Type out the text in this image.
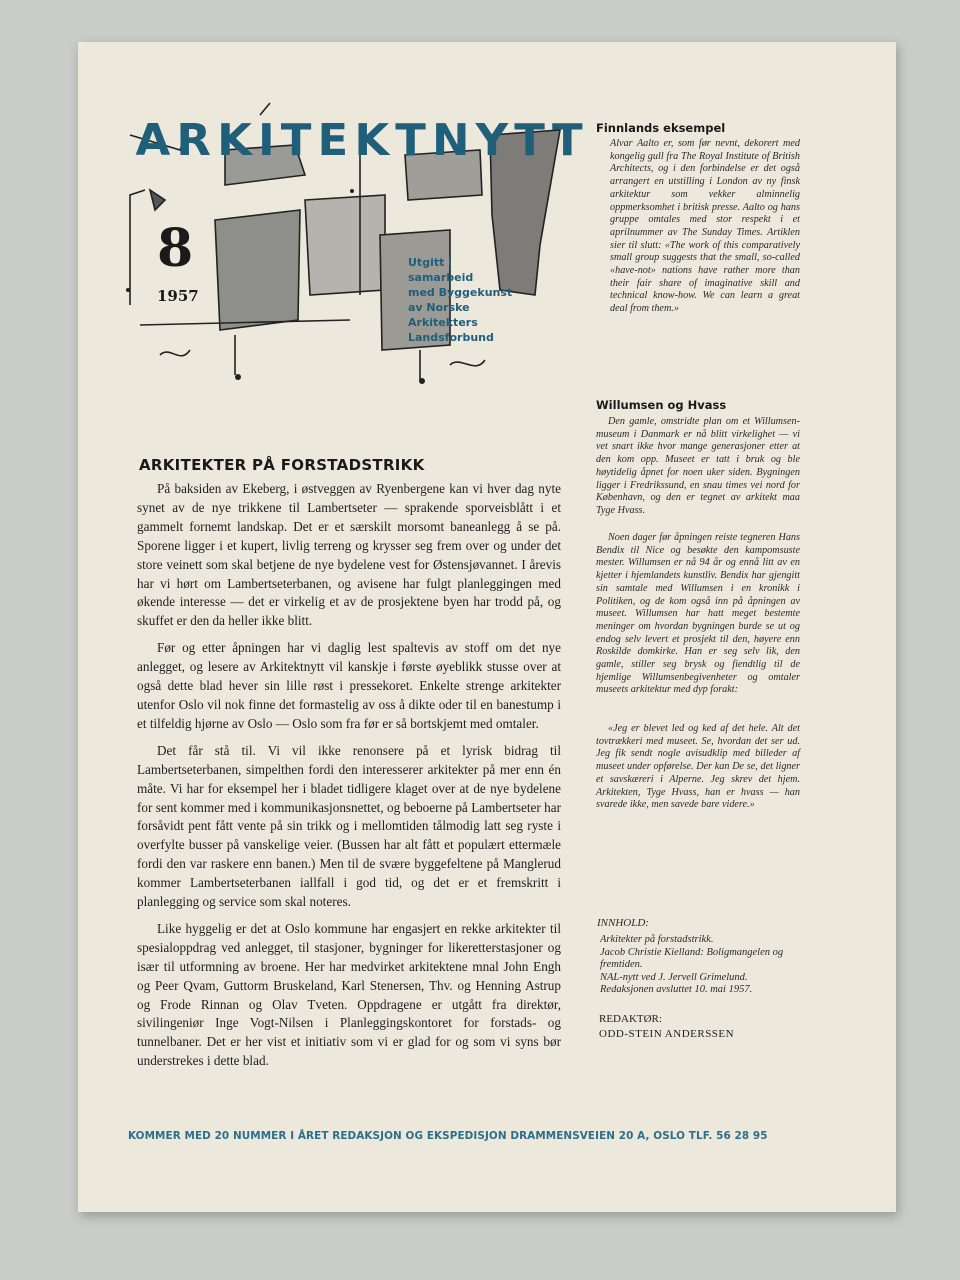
ARKITEKTNYTT
8
1957
Utgitt i
samarbeid
med Byggekunst
av Norske
Arkitekters
Landsforbund
Finnlands eksempel
Alvar Aalto er, som før nevnt, dekorert med kongelig gull fra The Royal Institute of British Architects, og i den forbindelse er det også arrangert en utstilling i London av ny finsk arkitektur som vekker alminnelig oppmerksomhet i britisk presse. Aalto og hans gruppe omtales med stor respekt i et aprilnummer av The Sunday Times. Artiklen sier til slutt: «The work of this comparatively small group suggests that the small, so-called «have-not» nations have rather more than their fair share of imaginative skill and technical know-how. We can learn a great deal from them.»
Willumsen og Hvass
Den gamle, omstridte plan om et Willumsen-museum i Danmark er nå blitt virkelighet — vi vet snart ikke hvor mange generasjoner etter at den kom opp. Museet er tatt i bruk og ble høytidelig åpnet for noen uker siden. Bygningen ligger i Fredrikssund, en snau times vei nord for København, og den er tegnet av arkitekt maa Tyge Hvass.
Noen dager før åpningen reiste tegneren Hans Bendix til Nice og besøkte den kampomsuste mester. Willumsen er nå 94 år og ennå litt av en kjetter i hjemlandets kunstliv. Bendix har gjengitt sin samtale med Willumsen i en kronikk i Politiken, og de kom også inn på åpningen av museet. Willumsen har hatt meget bestemte meninger om hvordan bygningen burde se ut og endog selv levert et prosjekt til den, høyere enn Roskilde domkirke. Han er seg selv lik, den gamle, stiller seg brysk og fiendtlig til de hjemlige Willumsenbegivenheter og omtaler museets arkitektur med dyp forakt:
«Jeg er blevet led og ked af det hele. Alt det tovtrækkeri med museet. Se, hvordan det ser ud. Jeg fik sendt nogle avisudklip med billeder af museet under opførelse. Der kan De se, det ligner et savskæreri i Alperne. Jeg skrev det hjem. Arkitekten, Tyge Hvass, han er hvass — han svarede ikke, men savede bare videre.»
ARKITEKTER PÅ FORSTADSTRIKK

På baksiden av Ekeberg, i østveggen av Ryenbergene kan vi hver dag nyte synet av de nye trikkene til Lambertseter — sprakende sporveisblått i et gammelt fornemt landskap. Det er et særskilt morsomt baneanlegg å se på. Sporene ligger i et kupert, livlig terreng og krysser seg frem over og under det store veinett som skal betjene de nye bydelene vest for Østensjøvannet. I årevis har vi hørt om Lambertseterbanen, og avisene har fulgt planleggingen med økende interesse — det er virkelig et av de prosjektene byen har trodd på, og skuffet er den da heller ikke blitt.

Før og etter åpningen har vi daglig lest spaltevis av stoff om det nye anlegget, og lesere av Arkitektnytt vil kanskje i første øyeblikk stusse over at også dette blad hever sin lille røst i pressekoret. Enkelte strenge arkitekter utenfor Oslo vil nok finne det formastelig av oss å dikte oder til en banestump i et tilfeldig hjørne av Oslo — Oslo som fra før er så bortskjemt med omtaler.

Det får stå til. Vi vil ikke renonsere på et lyrisk bidrag til Lambertseterbanen, simpelthen fordi den interesserer arkitekter på mer enn én måte. Vi har for eksempel her i bladet tidligere klaget over at de nye bydelene for sent kommer med i kommunikasjonsnettet, og beboerne på Lambertseter har forsåvidt pent fått vente på sin trikk og i mellomtiden tålmodig latt seg ryste i overfylte busser på vanskelige veier. (Bussen har alt fått et populært ettermæle fordi den var raskere enn banen.) Men til de svære byggefeltene på Manglerud kommer Lambertseterbanen iallfall i god tid, og det er et fremskritt i planlegging og service som skal noteres.

Like hyggelig er det at Oslo kommune har engasjert en rekke arkitekter til spesialoppdrag ved anlegget, til stasjoner, bygninger for likeretterstasjoner og især til utformning av broene. Her har medvirket arkitektene mnal John Engh og Peer Qvam, Guttorm Bruskeland, Karl Stenersen, Thv. og Henning Astrup og Frode Rinnan og Olav Tveten. Oppdragene er utgått fra direktør, sivilingeniør Inge Vogt-Nilsen i Planleggingskontoret for forstads- og tunnelbaner. Det er her vist et initiativ som vi er glad for og som vi syns bør understrekes i dette blad.

INNHOLD:
Arkitekter på forstadstrikk.
Jacob Christie Kielland: Boligmangelen og fremtiden.
NAL-nytt ved J. Jervell Grimelund.
Redaksjonen avsluttet 10. mai 1957.
REDAKTØR:
ODD-STEIN ANDERSSEN
KOMMER MED 20 NUMMER I ÅRET REDAKSJON OG EKSPEDISJON DRAMMENSVEIEN 20 A, OSLO TLF. 56 28 95
